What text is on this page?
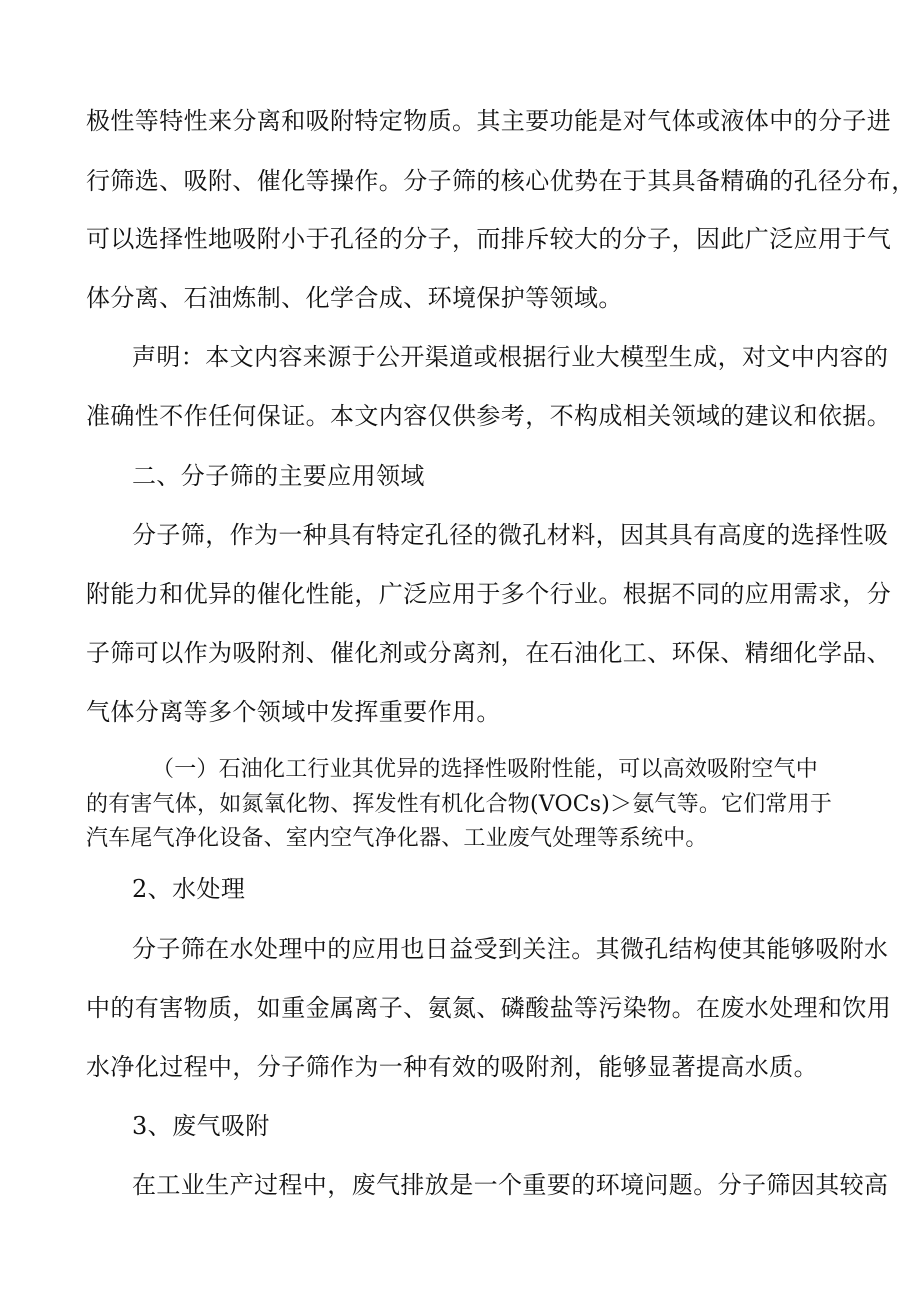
极性等特性来分离和吸附特定物质。其主要功能是对气体或液体中的分子进
行筛选、吸附、催化等操作。分子筛的核心优势在于其具备精确的孔径分布，
可以选择性地吸附小于孔径的分子，而排斥较大的分子，因此广泛应用于气
体分离、石油炼制、化学合成、环境保护等领域。
声明：本文内容来源于公开渠道或根据行业大模型生成，对文中内容的
准确性不作任何保证。本文内容仅供参考，不构成相关领域的建议和依据。
二、分子筛的主要应用领域
分子筛，作为一种具有特定孔径的微孔材料，因其具有高度的选择性吸
附能力和优异的催化性能，广泛应用于多个行业。根据不同的应用需求，分
子筛可以作为吸附剂、催化剂或分离剂，在石油化工、环保、精细化学品、
气体分离等多个领域中发挥重要作用。
（一）石油化工行业其优异的选择性吸附性能，可以高效吸附空气中
的有害气体，如氮氧化物、挥发性有机化合物(VOCs)＞氨气等。它们常用于
汽车尾气净化设备、室内空气净化器、工业废气处理等系统中。
2、水处理
分子筛在水处理中的应用也日益受到关注。其微孔结构使其能够吸附水
中的有害物质，如重金属离子、氨氮、磷酸盐等污染物。在废水处理和饮用
水净化过程中，分子筛作为一种有效的吸附剂，能够显著提高水质。
3、废气吸附
在工业生产过程中，废气排放是一个重要的环境问题。分子筛因其较高
